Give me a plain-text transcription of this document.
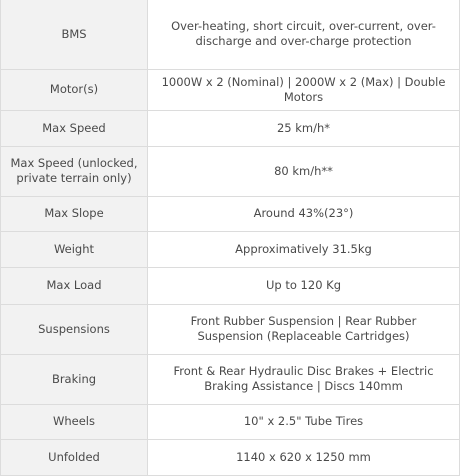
BMS	Over-heating, short circuit, over-current, over-discharge and over-charge protection
Motor(s)	1000W x 2 (Nominal) | 2000W x 2 (Max) | Double Motors
Max Speed	25 km/h*
Max Speed (unlocked, private terrain only)	80 km/h**
Max Slope	Around 43%(23°)
Weight	Approximatively 31.5kg
Max Load	Up to 120 Kg
Suspensions	Front Rubber Suspension | Rear Rubber Suspension (Replaceable Cartridges)
Braking	Front & Rear Hydraulic Disc Brakes + Electric Braking Assistance | Discs 140mm
Wheels	10" x 2.5" Tube Tires
Unfolded	1140 x 620 x 1250 mm
